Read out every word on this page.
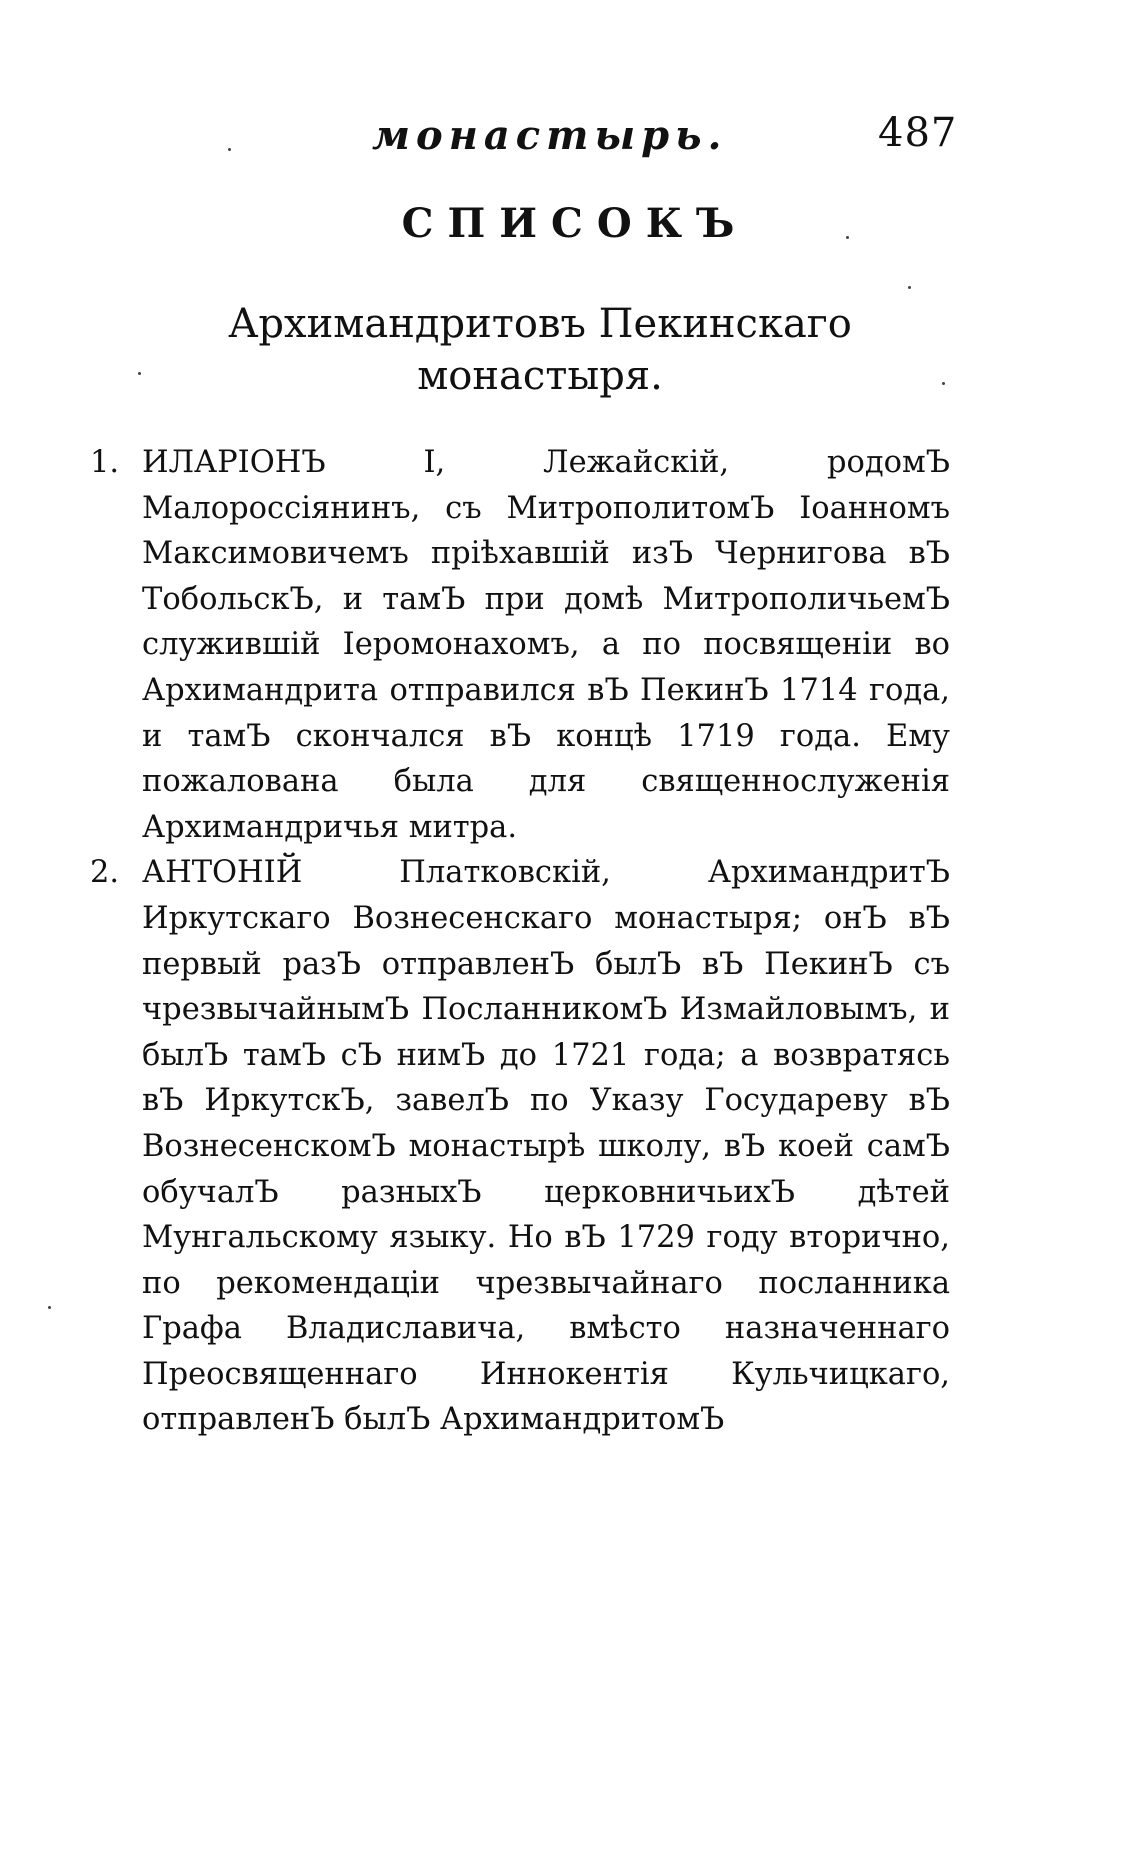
монастырь.	487
СПИСОКЪ
Архимандритовъ Пекинскаго монастыря.
1. ИЛАРІОНЪ I, Лежайскій, родомЪ Малороссіянинъ, съ МитрополитомЪ Іоанномъ Максимовичемъ пріѣхавшій изЪ Чернигова вЪ ТобольскЪ, и тамЪ при домѣ МитрополичьемЪ служившій Іеромонахомъ, а по посвященіи во Архимандрита отправился вЪ ПекинЪ 1714 года, и тамЪ скончался вЪ концѣ 1719 года. Ему пожалована была для священнослуженія Архимандричья митра.
2. АНТОНІЙ Платковскій, АрхимандритЪ Иркутскаго Вознесенскаго монастыря; онЪ вЪ первый разЪ отправленЪ былЪ вЪ ПекинЪ съ чрезвычайнымЪ ПосланникомЪ Измайловымъ, и былЪ тамЪ сЪ нимЪ до 1721 года; а возвратясь вЪ ИркутскЪ, завелЪ по Указу Государеву вЪ ВознесенскомЪ монастырѣ школу, вЪ коей самЪ обучалЪ разныхЪ церковничьихЪ дѣтей Мунгальскому языку. Но вЪ 1729 году вторично, по рекомендаціи чрезвычайнаго посланника Графа Владиславича, вмѣсто назначеннаго Преосвященнаго Иннокентія Кульчицкаго, отправленЪ былЪ АрхимандритомЪ
